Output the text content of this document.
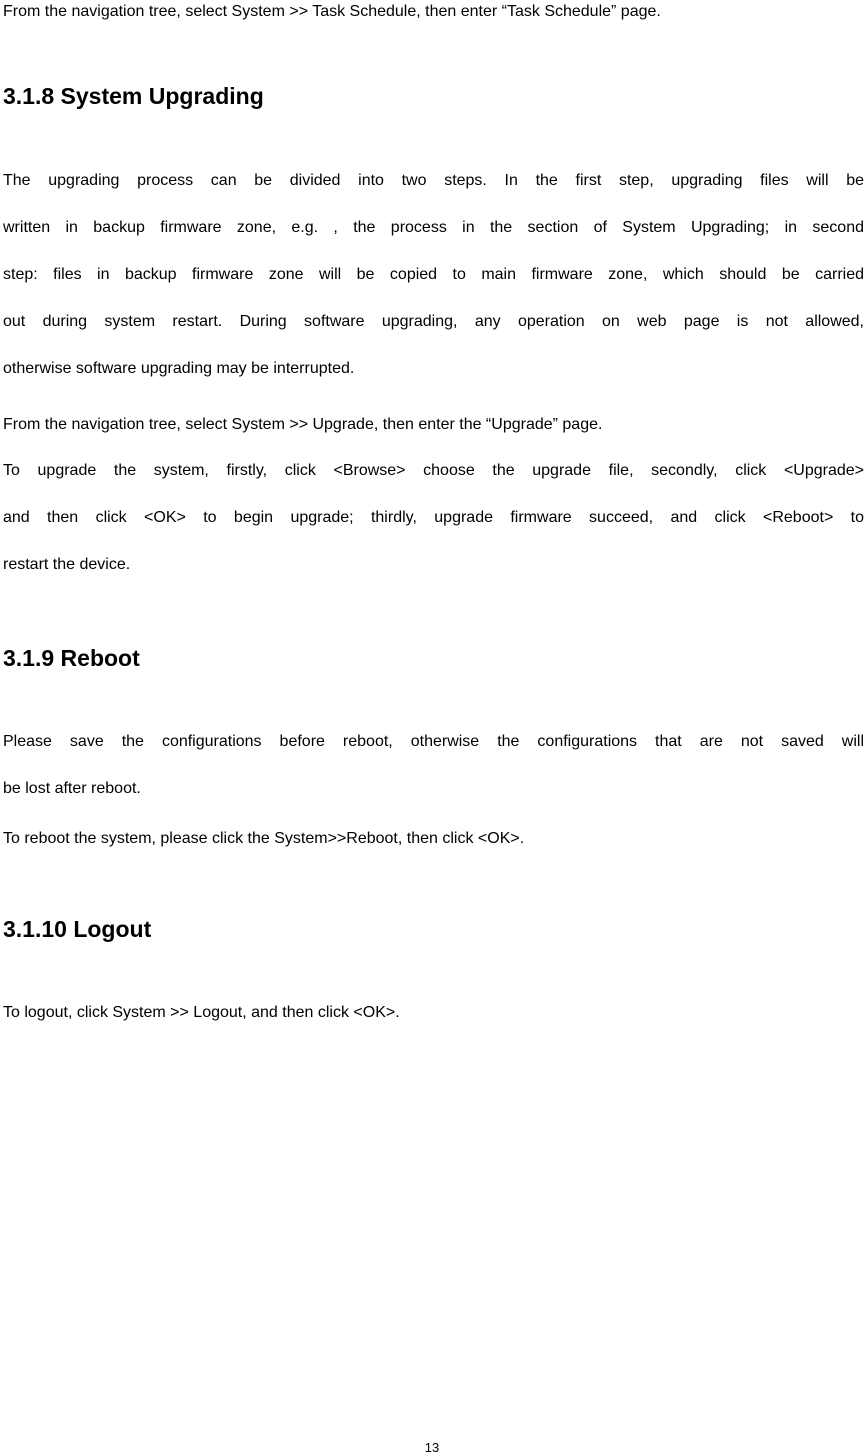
From the navigation tree, select System >> Task Schedule, then enter “Task Schedule” page.
3.1.8 System Upgrading
The upgrading process can be divided into two steps. In the first step, upgrading files will be
written in backup firmware zone, e.g. , the process in the section of System Upgrading; in second
step: files in backup firmware zone will be copied to main firmware zone, which should be carried
out during system restart. During software upgrading, any operation on web page is not allowed,
otherwise software upgrading may be interrupted.
From the navigation tree, select System >> Upgrade, then enter the “Upgrade” page.
To upgrade the system, firstly, click <Browse> choose the upgrade file, secondly, click <Upgrade>
and then click <OK> to begin upgrade; thirdly, upgrade firmware succeed, and click <Reboot> to
restart the device.
3.1.9 Reboot
Please save the configurations before reboot, otherwise the configurations that are not saved will
be lost after reboot.
To reboot the system, please click the System>>Reboot, then click <OK>.
3.1.10 Logout
To logout, click System >> Logout, and then click <OK>.
13
